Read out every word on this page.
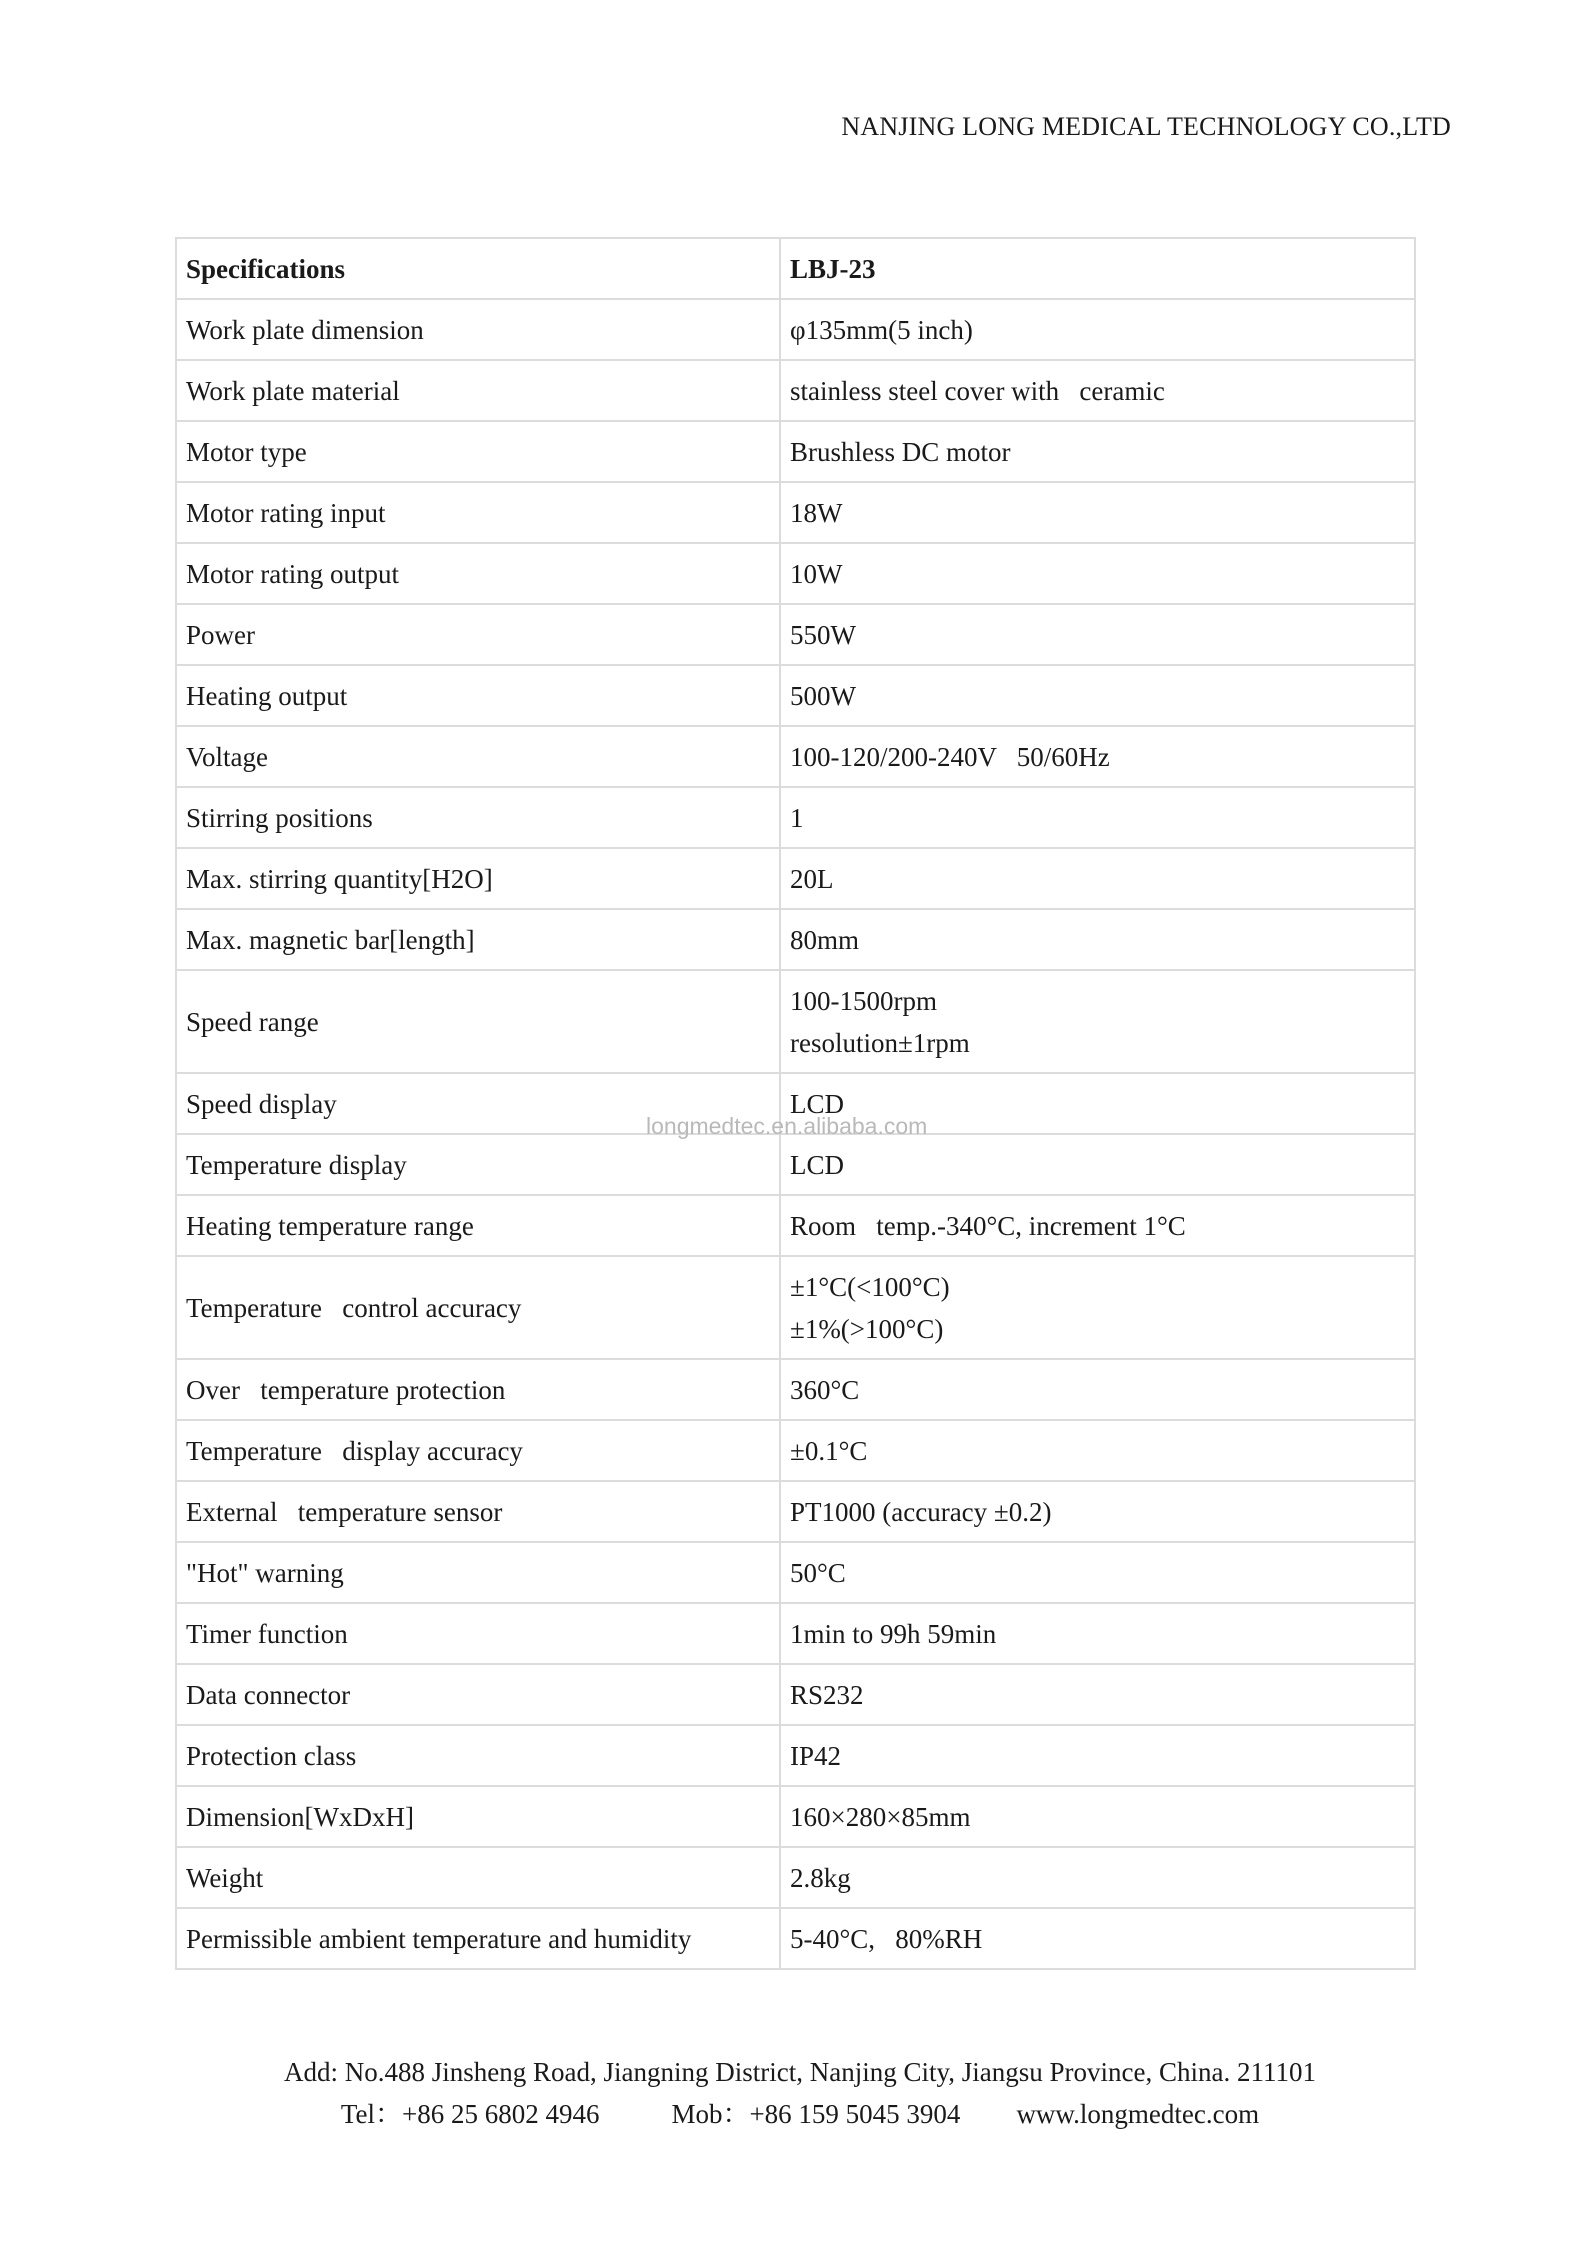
NANJING LONG MEDICAL TECHNOLOGY CO.,LTD
Specifications	LBJ-23
Work plate dimension	φ135mm(5 inch)

Work plate material	stainless steel cover with   ceramic

Motor type	Brushless DC motor

Motor rating input	18W

Motor rating output	10W

Power	550W

Heating output	500W

Voltage	100-120/200-240V   50/60Hz

Stirring positions	1

Max. stirring quantity[H2O]	20L

Max. magnetic bar[length]	80mm

Speed range	100-1500rpm
resolution±1rpm

Speed display	LCD

Temperature display	LCD

Heating temperature range	Room   temp.-340°C, increment 1°C

Temperature   control accuracy	±1°C(<100°C)
±1%(>100°C)

Over   temperature protection	360°C

Temperature   display accuracy	±0.1°C

External   temperature sensor	PT1000 (accuracy ±0.2)

"Hot" warning	50°C

Timer function	1min to 99h 59min

Data connector	RS232

Protection class	IP42

Dimension[WxDxH]	160×280×85mm

Weight	2.8kg

Permissible ambient temperature and humidity	5-40°C,   80%RH
longmedtec.en.alibaba.com
Add: No.488 Jinsheng Road, Jiangning District, Nanjing City, Jiangsu Province, China. 211101
Tel：+86 25 6802 4946	Mob：+86 159 5045 3904 www.longmedtec.com
